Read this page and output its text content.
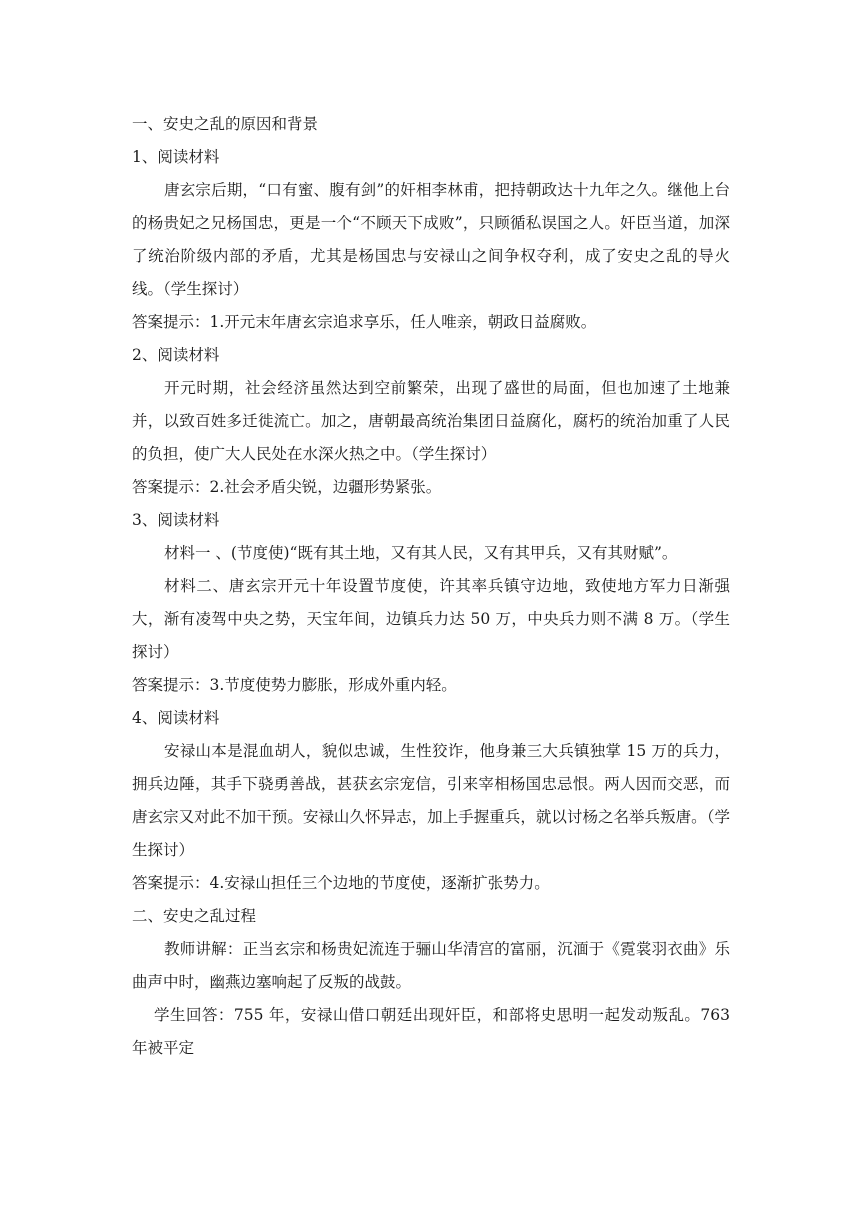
一、安史之乱的原因和背景

1、阅读材料

唐玄宗后期，“口有蜜、腹有剑”的奸相李林甫，把持朝政达十九年之久。继他上台的杨贵妃之兄杨国忠，更是一个“不顾天下成败”，只顾循私误国之人。奸臣当道，加深了统治阶级内部的矛盾，尤其是杨国忠与安禄山之间争权夺利，成了安史之乱的导火线。（学生探讨）

答案提示：1.开元末年唐玄宗追求享乐，任人唯亲，朝政日益腐败。

2、阅读材料

开元时期，社会经济虽然达到空前繁荣，出现了盛世的局面，但也加速了土地兼并，以致百姓多迁徙流亡。加之，唐朝最高统治集团日益腐化，腐朽的统治加重了人民的负担，使广大人民处在水深火热之中。（学生探讨）

答案提示：2.社会矛盾尖锐，边疆形势紧张。

3、阅读材料

材料一 、(节度使)“既有其土地，又有其人民，又有其甲兵，又有其财赋”。

材料二、唐玄宗开元十年设置节度使，许其率兵镇守边地，致使地方军力日渐强大，渐有凌驾中央之势，天宝年间，边镇兵力达 50 万，中央兵力则不满 8 万。（学生探讨）

答案提示：3.节度使势力膨胀，形成外重内轻。

4、阅读材料

安禄山本是混血胡人，貌似忠诚，生性狡诈，他身兼三大兵镇独掌 15 万的兵力，拥兵边陲，其手下骁勇善战，甚获玄宗宠信，引来宰相杨国忠忌恨。两人因而交恶，而唐玄宗又对此不加干预。安禄山久怀异志，加上手握重兵，就以讨杨之名举兵叛唐。（学生探讨）

答案提示：4.安禄山担任三个边地的节度使，逐渐扩张势力。

二、安史之乱过程

教师讲解：正当玄宗和杨贵妃流连于骊山华清宫的富丽，沉湎于《霓裳羽衣曲》乐曲声中时，幽燕边塞响起了反叛的战鼓。

学生回答：755 年，安禄山借口朝廷出现奸臣，和部将史思明一起发动叛乱。763 年被平定
